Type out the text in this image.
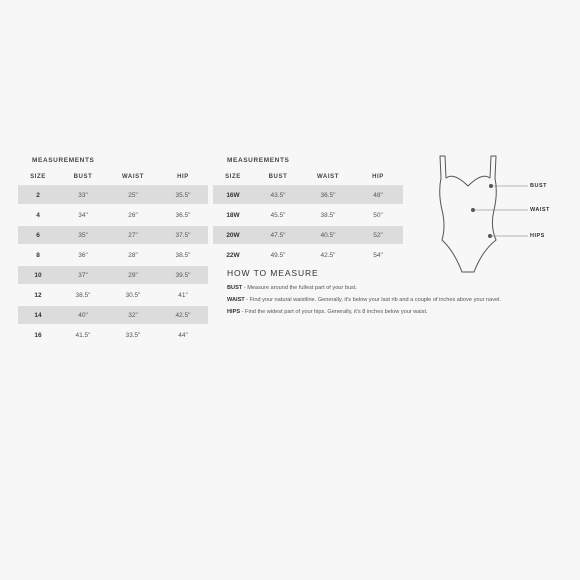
MEASUREMENTS
SIZE	BUST	WAIST	HIP
2	33"	25"	35.5"
4	34"	26"	36.5"
6	35"	27"	37.5"
8	36"	28"	38.5"
10	37"	29"	39.5"
12	38.5"	30.5"	41"
14	40"	32"	42.5"
16	41.5"	33.5"	44"
MEASUREMENTS
SIZE	BUST	WAIST	HIP
16W	43.5"	36.5"	48"
18W	45.5"	38.5"	50"
20W	47.5"	40.5"	52"
22W	49.5"	42.5"	54"
HOW TO MEASURE
BUST - Measure around the fullest part of your bust.
WAIST - Find your natural waistline. Generally, it's below your last rib and a couple of inches above your navel.
HIPS - Find the widest part of your hips. Generally, it's 8 inches below your waist.
BUST
WAIST
HIPS
